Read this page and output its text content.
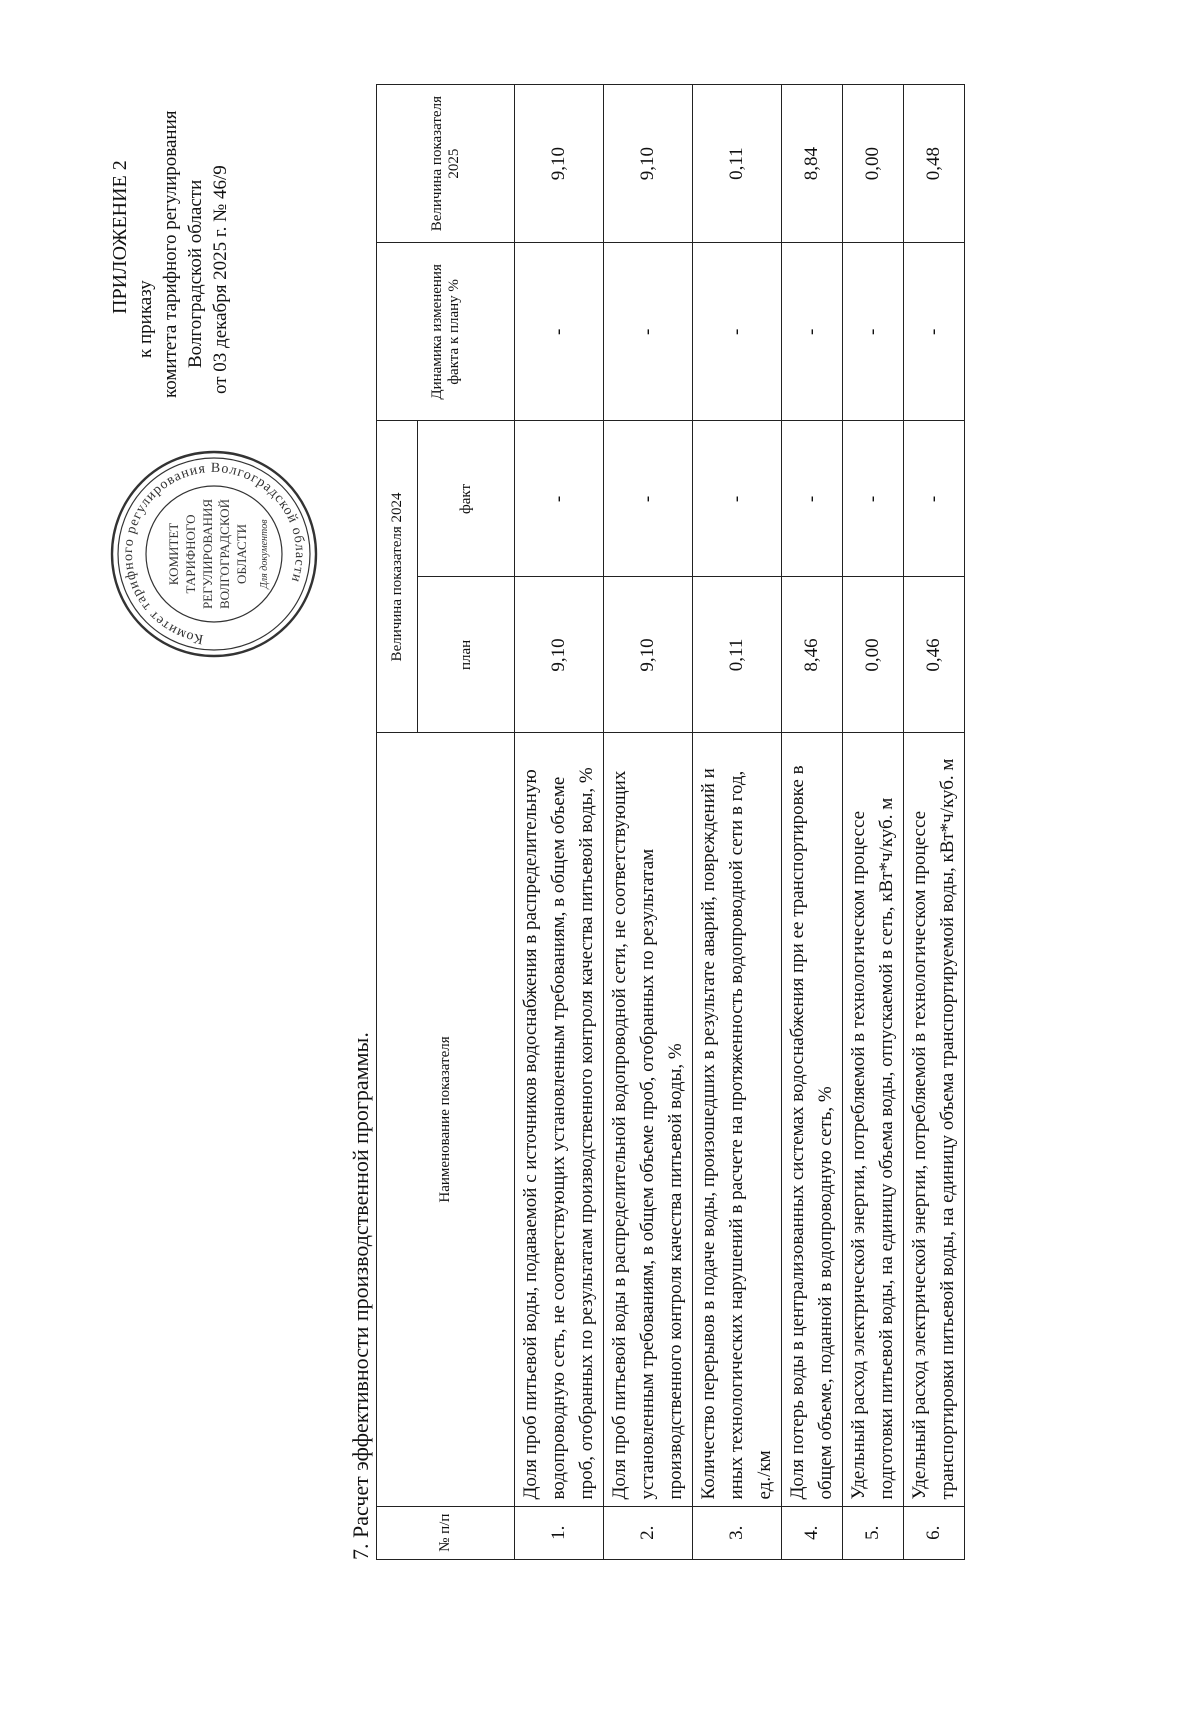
ПРИЛОЖЕНИЕ 2
к приказу комитета тарифного регулирования Волгоградской области от 03 декабря 2025 г. № 46/9
Комитет тарифного регулирования Волгоградской области
КОМИТЕТ ТАРИФНОГО РЕГУЛИРОВАНИЯ ВОЛГОГРАДСКОЙ ОБЛАСТИ Для документов
7. Расчет эффективности производственной программы.	№ п/п	Наименование показателя	Величина показателя 2024		Динамика изменения факта к плану %	Величина показателя 2025
		план	факт		
1.	Доля проб питьевой воды, подаваемой с источников водоснабжения в распределительную водопроводную сеть, не соответствующих установленным требованиям, в общем объеме проб, отобранных по результатам производственного контроля качества питьевой воды, %	9,10	-	-	9,10
2.	Доля проб питьевой воды в распределительной водопроводной сети, не соответствующих установленным требованиям, в общем объеме проб, отобранных по результатам производственного контроля качества питьевой воды, %	9,10	-	-	9,10
3.	Количество перерывов в подаче воды, произошедших в результате аварий, повреждений и иных технологических нарушений в расчете на протяженность водопроводной сети в год, ед./км	0,11	-	-	0,11
4.	Доля потерь воды в централизованных системах водоснабжения при ее транспортировке в общем объеме, поданной в водопроводную сеть, %	8,46	-	-	8,84
5.	Удельный расход электрической энергии, потребляемой в технологическом процессе подготовки питьевой воды, на единицу объема воды, отпускаемой в сеть, кВт*ч/куб. м	0,00	-	-	0,00
6.	Удельный расход электрической энергии, потребляемой в технологическом процессе транспортировки питьевой воды, на единицу объема транспортируемой воды, кВт*ч/куб. м	0,46	-	-	0,48
